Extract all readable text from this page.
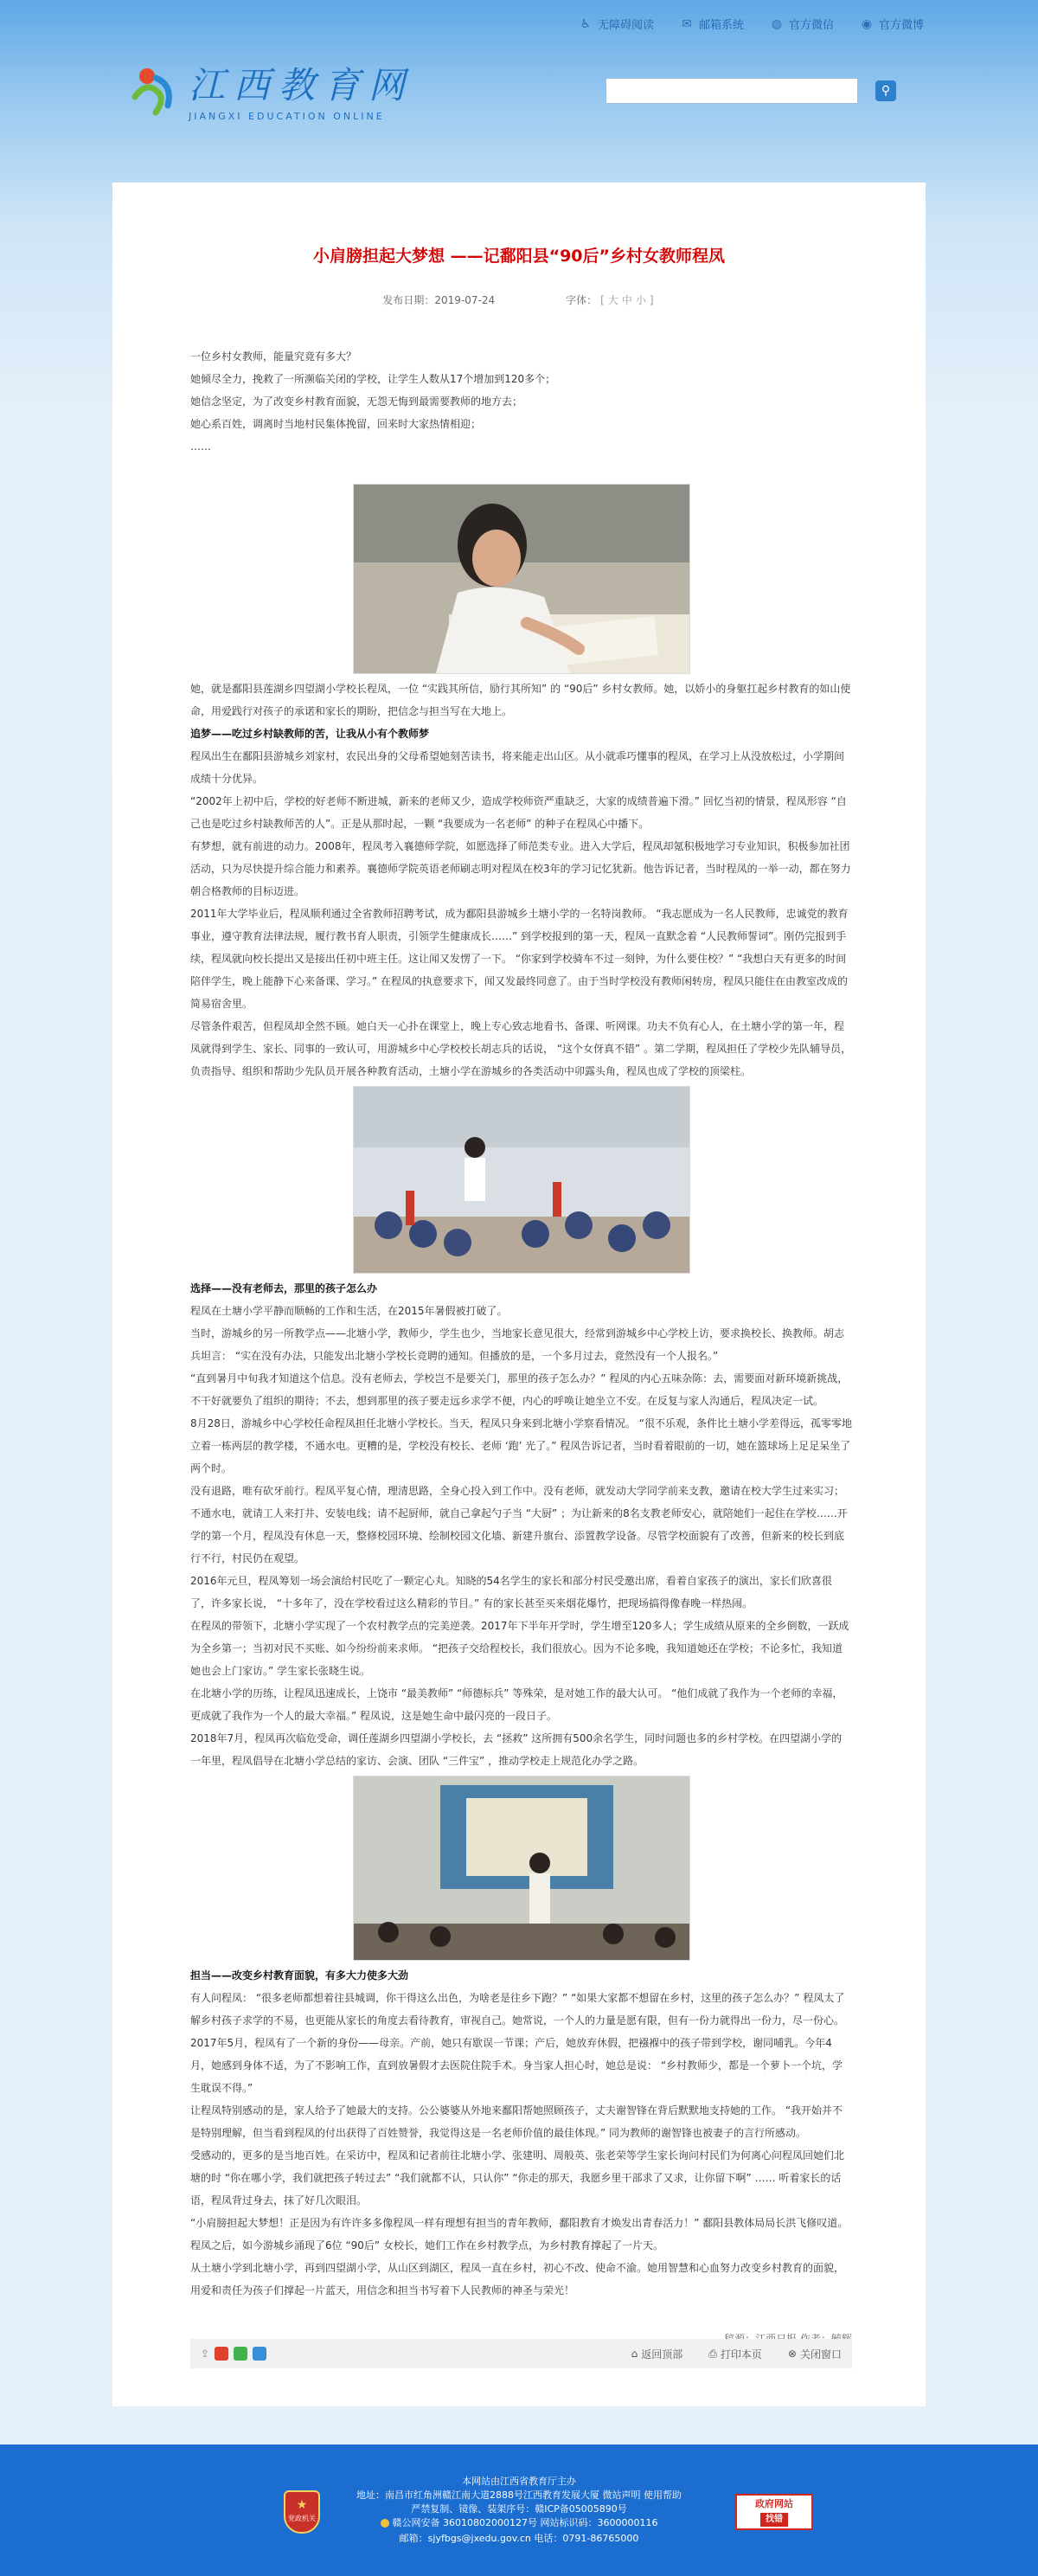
♿ 无障碍阅读 ✉ 邮箱系统 ◍ 官方微信 ◉ 官方微博
江西教育网
JIANGXI EDUCATION ONLINE
⚲
小肩膀担起大梦想 ——记鄱阳县“90后”乡村女教师程凤
发布日期：2019-07-24	字体： [ 大 中 小 ]

一位乡村女教师，能量究竟有多大？

她倾尽全力，挽救了一所濒临关闭的学校，让学生人数从17个增加到120多个；

她信念坚定，为了改变乡村教育面貌，无怨无悔到最需要教师的地方去；

她心系百姓，调离时当地村民集体挽留，回来时大家热情相迎；

……

她，就是鄱阳县莲湖乡四望湖小学校长程凤，一位 “实践其所信，励行其所知” 的 “90后” 乡村女教师。她，以娇小的身躯扛起乡村教育的如山使命，用爱践行对孩子的承诺和家长的期盼，把信念与担当写在大地上。

追梦——吃过乡村缺教师的苦，让我从小有个教师梦

程凤出生在鄱阳县游城乡刘家村，农民出身的父母希望她刻苦读书，将来能走出山区。从小就乖巧懂事的程凤，在学习上从没放松过，小学期间成绩十分优异。

“2002年上初中后，学校的好老师不断进城，新来的老师又少，造成学校师资严重缺乏，大家的成绩普遍下滑。” 回忆当初的情景，程凤形容 “自己也是吃过乡村缺教师苦的人”。正是从那时起，一颗 “我要成为一名老师” 的种子在程凤心中播下。

有梦想，就有前进的动力。2008年，程凤考入襄德师学院，如愿选择了师范类专业。进入大学后，程凤却氪积极地学习专业知识，积极参加社团活动，只为尽快提升综合能力和素养。襄德师学院英语老师刷志明对程凤在校3年的学习记忆犹新。他告诉记者，当时程凤的一举一动，都在努力朝合格教师的目标迈进。

2011年大学毕业后，程凤顺利通过全省教师招聘考试，成为鄱阳县游城乡土塘小学的一名特岗教师。 “我志愿成为一名人民教师，忠诚党的教育事业，遵守教育法律法规，履行教书育人职责，引领学生健康成长……” 到学校报到的第一天，程凤一直默念着 “人民教师誓词”。刚仍完报到手续，程凤就向校长提出又是接出任初中班主任。这让闻又发愣了一下。 “你家到学校骑车不过一刻钟，为什么要住校？” “我想白天有更多的时间陪伴学生，晚上能静下心来备课、学习。” 在程凤的执意要求下，闻又发最终同意了。由于当时学校没有教师闲转房，程凤只能住在由教室改成的简易宿舍里。

尽管条件艰苦，但程凤却全然不顾。她白天一心扑在课堂上，晚上专心致志地看书、备课、听网课。功夫不负有心人，在土塘小学的第一年，程凤就得到学生、家长、同事的一致认可，用游城乡中心学校校长胡志兵的话说， “这个女伢真不错” 。第二学期，程凤担任了学校少先队辅导员，负责指导、组织和帮助少先队员开展各种教育活动，土塘小学在游城乡的各类活动中卯露头角，程凤也成了学校的顶梁柱。

选择——没有老师去，那里的孩子怎么办

程凤在土塘小学平静而顺畅的工作和生活，在2015年暑假被打破了。

当时，游城乡的另一所教学点——北塘小学，教师少，学生也少，当地家长意见很大，经常到游城乡中心学校上访，要求换校长、换教师。胡志兵坦言： “实在没有办法，只能发出北塘小学校长竞聘的通知。但播放的是，一个多月过去，竟然没有一个人报名。”

“直到暑月中旬我才知道这个信息。没有老师去，学校岂不是要关门，那里的孩子怎么办？” 程凤的内心五味杂陈：去，需要面对新环境新挑战，不干好就要负了组织的期待；不去，想到那里的孩子要走远乡求学不便，内心的呼唤让她坐立不安。在反复与家人沟通后，程凤决定一试。

8月28日，游城乡中心学校任命程凤担任北塘小学校长。当天，程凤只身来到北塘小学察看情况。 “很不乐观，条件比土塘小学差得远，孤零零地立着一栋两层的教学楼，不通水电。更糟的是，学校没有校长、老师 ‘跑’ 光了。” 程凤告诉记者，当时看着眼前的一切，她在篮球场上足足呆坐了两个时。

没有退路，唯有砍牙前行。程凤平复心情，理清思路，全身心投入到工作中。没有老师，就发动大学同学前来支教，邀请在校大学生过来实习；不通水电，就请工人来打井、安装电线；请不起厨师，就自己拿起勺子当 “大厨” ；为让新来的8名支教老师安心，就陪她们一起住在学校……开学的第一个月，程凤没有休息一天，整修校园环境、绘制校园文化墙、新建升旗台、添置教学设备。尽管学校面貌有了改善，但新来的校长到底行不行，村民仍在观望。

2016年元旦，程凤筹划一场会演给村民吃了一颗定心丸。知晓的54名学生的家长和部分村民受邀出席，看着自家孩子的演出，家长们欣喜很了，许多家长说， “十多年了，没在学校看过这么精彩的节目。” 有的家长甚至买来烟花爆竹，把现场搞得像春晚一样热闹。

在程凤的带领下，北塘小学实现了一个农村教学点的完美逆袭。2017年下半年开学时，学生增至120多人；学生成绩从原来的全乡倒数，一跃成为全乡第一；当初对民不买账、如今纷纷前来求师。 “把孩子交给程校长，我们很放心。因为不论多晚，我知道她还在学校；不论多忙，我知道她也会上门家访。” 学生家长张晓生说。

在北塘小学的历练，让程凤迅速成长，上饶市 “最美教师” “师德标兵” 等殊荣，是对她工作的最大认可。 “他们成就了我作为一个老师的幸福，更成就了我作为一个人的最大幸福。” 程凤说，这是她生命中最闪亮的一段日子。

2018年7月，程凤再次临危受命，调任莲湖乡四望湖小学校长，去 “拯救” 这所拥有500余名学生，同时问题也多的乡村学校。在四望湖小学的一年里，程凤倡导在北塘小学总结的家访、会演、团队 “三件宝” ，推动学校走上规范化办学之路。

担当——改变乡村教育面貌，有多大力使多大劲

有人问程凤： “很多老师都想着往县城调，你干得这么出色，为啥老是往乡下跑？” “如果大家都不想留在乡村，这里的孩子怎么办？” 程凤太了解乡村孩子求学的不易，也更能从家长的角度去看待教育，审视自己。她常说，一个人的力量是愿有限，但有一份力就得出一份力，尽一份心。

2017年5月，程凤有了一个新的身份——母亲。产前，她只有歇误一节课；产后，她放弃休假，把襁褓中的孩子带到学校，谢同哺乳。今年4月，她感到身体不适，为了不影响工作，直到放暑假才去医院住院手术。身当家人担心时，她总是说： “乡村教师少，都是一个萝卜一个坑，学生耽误不得。”

让程凤特别感动的是，家人给予了她最大的支持。公公婆婆从外地来鄱阳帮她照顾孩子，丈夫谢智锋在背后默默地支持她的工作。 “我开始并不是特别理解，但当看到程凤的付出获得了百姓赞誉，我觉得这是一名老师价值的最佳体现。” 同为教师的谢智锋也被妻子的言行所感动。

受感动的，更多的是当地百姓。在采访中，程凤和记者前往北塘小学、张建明、周般英、张老荣等学生家长询问村民们为何离心问程凤回她们北塘的时 “你在哪小学，我们就把孩子转过去” “我们就都不认，只认你” “你走的那天，我愿乡里干部求了又求，让你留下啊” …… 听着家长的话语，程凤背过身去，抹了好几次眼泪。

“小肩膀担起大梦想！正是因为有许许多多像程凤一样有理想有担当的青年教师，鄱阳教育才焕发出青春活力！” 鄱阳县教体局局长洪飞修叹道。程凤之后，如今游城乡涌现了6位 “90后” 女校长，她们工作在乡村教学点，为乡村教育撑起了一片天。

从土塘小学到北塘小学，再到四望湖小学，从山区到湖区，程凤一直在乡村，初心不改、使命不渝。她用智慧和心血努力改变乡村教育的面貌，用爱和责任为孩子们撑起一片蓝天，用信念和担当书写着下人民教师的神圣与荣光！

⇪	⌂ 返回顶部	⎙ 打印本页	⊗ 关闭窗口
★
党政机关
本网站由江西省教育厅主办
地址：南昌市红角洲赣江南大道2888号江西教育发展大厦 微站声明 使用帮助
严禁复制、镜像、装架序号：赣ICP备05005890号
赣公网安备 36010802000127号 网站标识码：3600000116
邮箱：sjyfbgs@jxedu.gov.cn 电话：0791-86765000
政府网站
找错
